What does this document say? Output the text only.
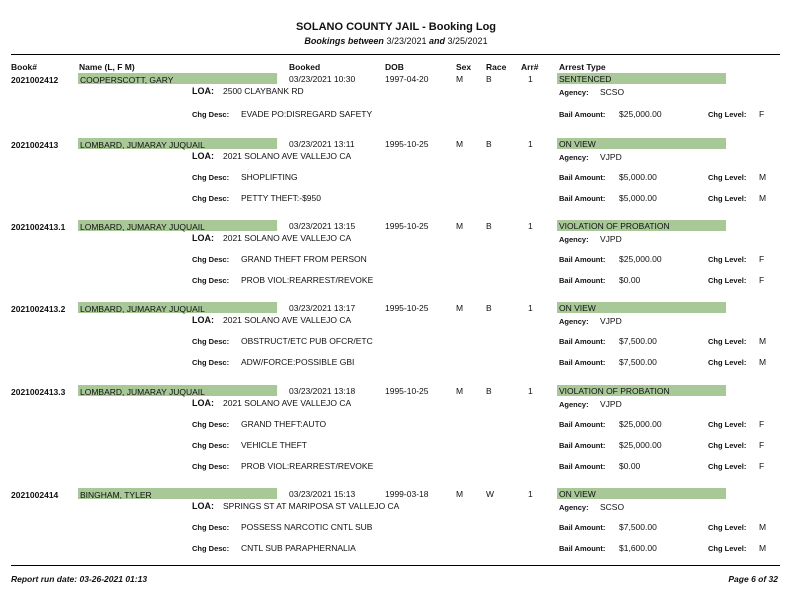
SOLANO COUNTY JAIL - Booking Log
Bookings between 3/23/2021 and 3/25/2021
Book#	Name (L, F M)	Booked	DOB	Sex Race Arr# Arrest Type
2021002412	COOPERSCOTT, GARY	03/23/2021 10:30	1997-04-20	M	B	1	SENTENCED
LOA: 2500 CLAYBANK RD	Agency: SCSO
Chg Desc: EVADE PO:DISREGARD SAFETY	Bail Amount: $25,000.00	Chg Level: F
2021002413	LOMBARD, JUMARAY JUQUAIL	03/23/2021 13:11	1995-10-25	M	B	1	ON VIEW
LOA: 2021 SOLANO AVE VALLEJO CA	Agency: VJPD
Chg Desc: SHOPLIFTING	Bail Amount: $5,000.00	Chg Level: M
Chg Desc: PETTY THEFT:-$950	Bail Amount: $5,000.00	Chg Level: M
2021002413.1 LOMBARD, JUMARAY JUQUAIL	03/23/2021 13:15	1995-10-25	M	B	1	VIOLATION OF PROBATION
LOA: 2021 SOLANO AVE VALLEJO CA	Agency: VJPD
Chg Desc: GRAND THEFT FROM PERSON	Bail Amount: $25,000.00	Chg Level: F
Chg Desc: PROB VIOL:REARREST/REVOKE	Bail Amount: $0.00	Chg Level: F
2021002413.2 LOMBARD, JUMARAY JUQUAIL	03/23/2021 13:17	1995-10-25	M	B	1	ON VIEW
LOA: 2021 SOLANO AVE VALLEJO CA	Agency: VJPD
Chg Desc: OBSTRUCT/ETC PUB OFCR/ETC	Bail Amount: $7,500.00	Chg Level: M
Chg Desc: ADW/FORCE:POSSIBLE GBI	Bail Amount: $7,500.00	Chg Level: M
2021002413.3 LOMBARD, JUMARAY JUQUAIL	03/23/2021 13:18	1995-10-25	M	B	1	VIOLATION OF PROBATION
LOA: 2021 SOLANO AVE VALLEJO CA	Agency: VJPD
Chg Desc: GRAND THEFT:AUTO	Bail Amount: $25,000.00	Chg Level: F
Chg Desc: VEHICLE THEFT	Bail Amount: $25,000.00	Chg Level: F
Chg Desc: PROB VIOL:REARREST/REVOKE	Bail Amount: $0.00	Chg Level: F
2021002414	BINGHAM, TYLER	03/23/2021 15:13	1999-03-18	M	W	1	ON VIEW
LOA: SPRINGS ST AT MARIPOSA ST VALLEJO CA	Agency: SCSO
Chg Desc: POSSESS NARCOTIC CNTL SUB	Bail Amount: $7,500.00	Chg Level: M
Chg Desc: CNTL SUB PARAPHERNALIA	Bail Amount: $1,600.00	Chg Level: M
Report run date: 03-26-2021 01:13	Page 6 of 32
